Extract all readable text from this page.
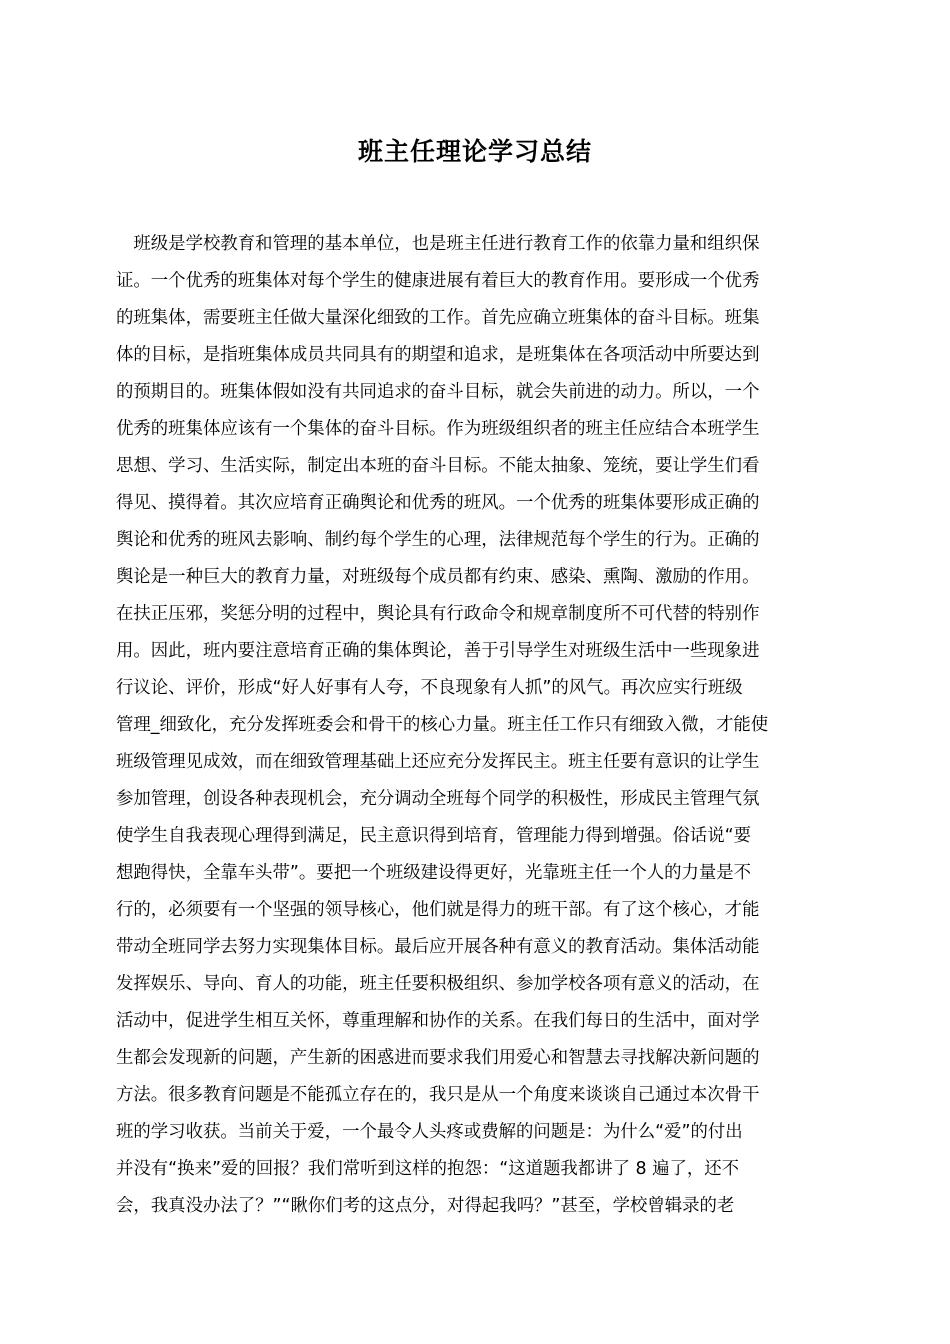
班主任理论学习总结
　班级是学校教育和管理的基本单位，也是班主任进行教育工作的依靠力量和组织保
证。一个优秀的班集体对每个学生的健康进展有着巨大的教育作用。要形成一个优秀
的班集体，需要班主任做大量深化细致的工作。首先应确立班集体的奋斗目标。班集
体的目标，是指班集体成员共同具有的期望和追求，是班集体在各项活动中所要达到
的预期目的。班集体假如没有共同追求的奋斗目标，就会失前进的动力。所以，一个
优秀的班集体应该有一个集体的奋斗目标。作为班级组织者的班主任应结合本班学生
思想、学习、生活实际，制定出本班的奋斗目标。不能太抽象、笼统，要让学生们看
得见、摸得着。其次应培育正确舆论和优秀的班风。一个优秀的班集体要形成正确的
舆论和优秀的班风去影响、制约每个学生的心理，法律规范每个学生的行为。正确的
舆论是一种巨大的教育力量，对班级每个成员都有约束、感染、熏陶、激励的作用。
在扶正压邪，奖惩分明的过程中，舆论具有行政命令和规章制度所不可代替的特别作
用。因此，班内要注意培育正确的集体舆论，善于引导学生对班级生活中一些现象进
行议论、评价，形成“好人好事有人夸，不良现象有人抓”的风气。再次应实行班级
管理_细致化，充分发挥班委会和骨干的核心力量。班主任工作只有细致入微，才能使
班级管理见成效，而在细致管理基础上还应充分发挥民主。班主任要有意识的让学生
参加管理，创设各种表现机会，充分调动全班每个同学的积极性，形成民主管理气氛
使学生自我表现心理得到满足，民主意识得到培育，管理能力得到增强。俗话说“要
想跑得快，全靠车头带”。要把一个班级建设得更好，光靠班主任一个人的力量是不
行的，必须要有一个坚强的领导核心，他们就是得力的班干部。有了这个核心，才能
带动全班同学去努力实现集体目标。最后应开展各种有意义的教育活动。集体活动能
发挥娱乐、导向、育人的功能，班主任要积极组织、参加学校各项有意义的活动，在
活动中，促进学生相互关怀，尊重理解和协作的关系。在我们每日的生活中，面对学
生都会发现新的问题，产生新的困惑进而要求我们用爱心和智慧去寻找解决新问题的
方法。很多教育问题是不能孤立存在的，我只是从一个角度来谈谈自己通过本次骨干
班的学习收获。当前关于爱，一个最令人头疼或费解的问题是：为什么“爱”的付出
并没有“换来”爱的回报？我们常听到这样的抱怨：“这道题我都讲了 8 遍了，还不
会，我真没办法了？”“瞅你们考的这点分，对得起我吗？”甚至，学校曾辑录的老
